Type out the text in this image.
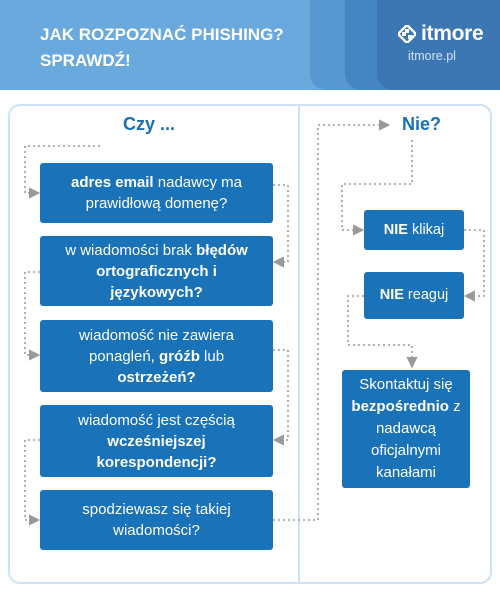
JAK ROZPOZNAĆ PHISHING?
SPRAWDŹ!
itmore
itmore.pl
Czy ...	Nie?
adres email nadawcy ma prawidłową domenę?
w wiadomości brak błędów ortograficznych i językowych?
wiadomość nie zawiera ponagleń, gróźb lub ostrzeżeń?
wiadomość jest częścią wcześniejszej korespondencji?
spodziewasz się takiej wiadomości?
NIE klikaj
NIE reaguj
Skontaktuj się bezpośrednio z nadawcą oficjalnymi kanałami
